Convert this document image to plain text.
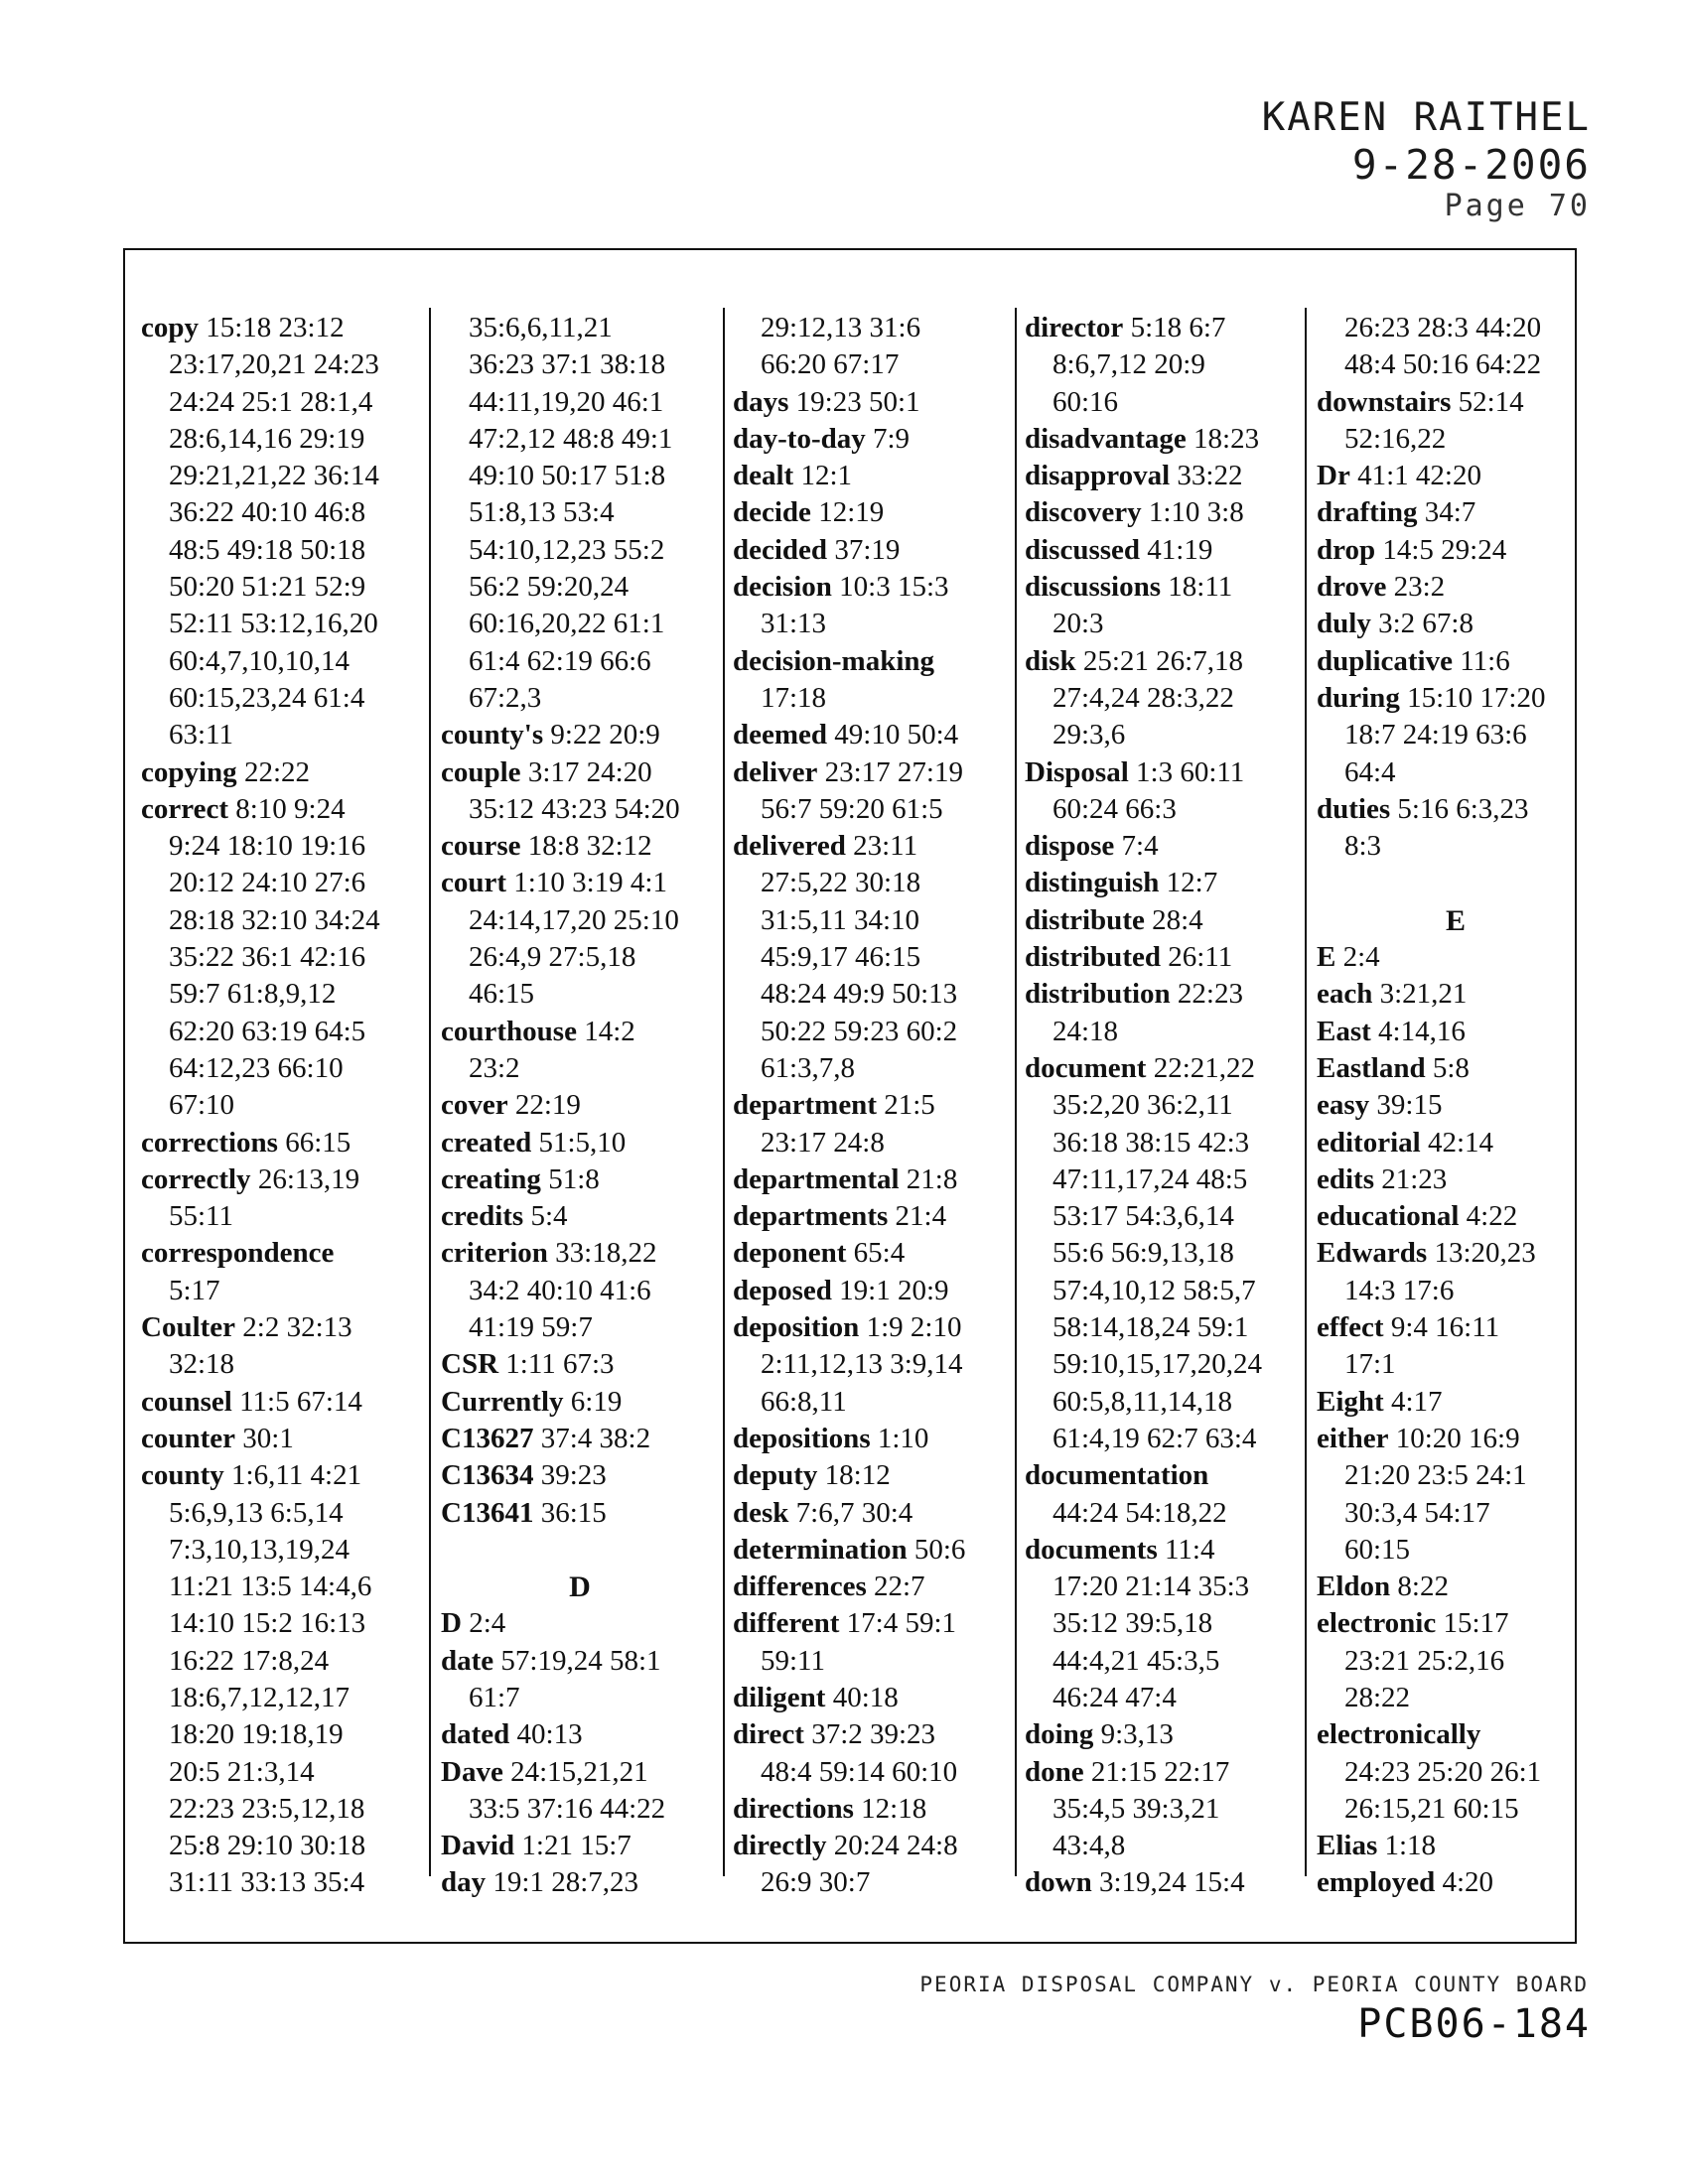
KAREN RAITHEL
9-28-2006
Page 70
copy 15:18 23:12
23:17,20,21 24:23
24:24 25:1 28:1,4
28:6,14,16 29:19
29:21,21,22 36:14
36:22 40:10 46:8
48:5 49:18 50:18
50:20 51:21 52:9
52:11 53:12,16,20
60:4,7,10,10,14
60:15,23,24 61:4
63:11
copying 22:22
correct 8:10 9:24
9:24 18:10 19:16
20:12 24:10 27:6
28:18 32:10 34:24
35:22 36:1 42:16
59:7 61:8,9,12
62:20 63:19 64:5
64:12,23 66:10
67:10
corrections 66:15
correctly 26:13,19
55:11
correspondence
5:17
Coulter 2:2 32:13
32:18
counsel 11:5 67:14
counter 30:1
county 1:6,11 4:21
5:6,9,13 6:5,14
7:3,10,13,19,24
11:21 13:5 14:4,6
14:10 15:2 16:13
16:22 17:8,24
18:6,7,12,12,17
18:20 19:18,19
20:5 21:3,14
22:23 23:5,12,18
25:8 29:10 30:18
31:11 33:13 35:4
35:6,6,11,21
36:23 37:1 38:18
44:11,19,20 46:1
47:2,12 48:8 49:1
49:10 50:17 51:8
51:8,13 53:4
54:10,12,23 55:2
56:2 59:20,24
60:16,20,22 61:1
61:4 62:19 66:6
67:2,3
county's 9:22 20:9
couple 3:17 24:20
35:12 43:23 54:20
course 18:8 32:12
court 1:10 3:19 4:1
24:14,17,20 25:10
26:4,9 27:5,18
46:15
courthouse 14:2
23:2
cover 22:19
created 51:5,10
creating 51:8
credits 5:4
criterion 33:18,22
34:2 40:10 41:6
41:19 59:7
CSR 1:11 67:3
Currently 6:19
C13627 37:4 38:2
C13634 39:23
C13641 36:15
D
D 2:4
date 57:19,24 58:1
61:7
dated 40:13
Dave 24:15,21,21
33:5 37:16 44:22
David 1:21 15:7
day 19:1 28:7,23
29:12,13 31:6
66:20 67:17
days 19:23 50:1
day-to-day 7:9
dealt 12:1
decide 12:19
decided 37:19
decision 10:3 15:3
31:13
decision-making
17:18
deemed 49:10 50:4
deliver 23:17 27:19
56:7 59:20 61:5
delivered 23:11
27:5,22 30:18
31:5,11 34:10
45:9,17 46:15
48:24 49:9 50:13
50:22 59:23 60:2
61:3,7,8
department 21:5
23:17 24:8
departmental 21:8
departments 21:4
deponent 65:4
deposed 19:1 20:9
deposition 1:9 2:10
2:11,12,13 3:9,14
66:8,11
depositions 1:10
deputy 18:12
desk 7:6,7 30:4
determination 50:6
differences 22:7
different 17:4 59:1
59:11
diligent 40:18
direct 37:2 39:23
48:4 59:14 60:10
directions 12:18
directly 20:24 24:8
26:9 30:7
director 5:18 6:7
8:6,7,12 20:9
60:16
disadvantage 18:23
disapproval 33:22
discovery 1:10 3:8
discussed 41:19
discussions 18:11
20:3
disk 25:21 26:7,18
27:4,24 28:3,22
29:3,6
Disposal 1:3 60:11
60:24 66:3
dispose 7:4
distinguish 12:7
distribute 28:4
distributed 26:11
distribution 22:23
24:18
document 22:21,22
35:2,20 36:2,11
36:18 38:15 42:3
47:11,17,24 48:5
53:17 54:3,6,14
55:6 56:9,13,18
57:4,10,12 58:5,7
58:14,18,24 59:1
59:10,15,17,20,24
60:5,8,11,14,18
61:4,19 62:7 63:4
documentation
44:24 54:18,22
documents 11:4
17:20 21:14 35:3
35:12 39:5,18
44:4,21 45:3,5
46:24 47:4
doing 9:3,13
done 21:15 22:17
35:4,5 39:3,21
43:4,8
down 3:19,24 15:4
26:23 28:3 44:20
48:4 50:16 64:22
downstairs 52:14
52:16,22
Dr 41:1 42:20
drafting 34:7
drop 14:5 29:24
drove 23:2
duly 3:2 67:8
duplicative 11:6
during 15:10 17:20
18:7 24:19 63:6
64:4
duties 5:16 6:3,23
8:3
E
E 2:4
each 3:21,21
East 4:14,16
Eastland 5:8
easy 39:15
editorial 42:14
edits 21:23
educational 4:22
Edwards 13:20,23
14:3 17:6
effect 9:4 16:11
17:1
Eight 4:17
either 10:20 16:9
21:20 23:5 24:1
30:3,4 54:17
60:15
Eldon 8:22
electronic 15:17
23:21 25:2,16
28:22
electronically
24:23 25:20 26:1
26:15,21 60:15
Elias 1:18
employed 4:20
PEORIA DISPOSAL COMPANY v. PEORIA COUNTY BOARD
PCB06-184
